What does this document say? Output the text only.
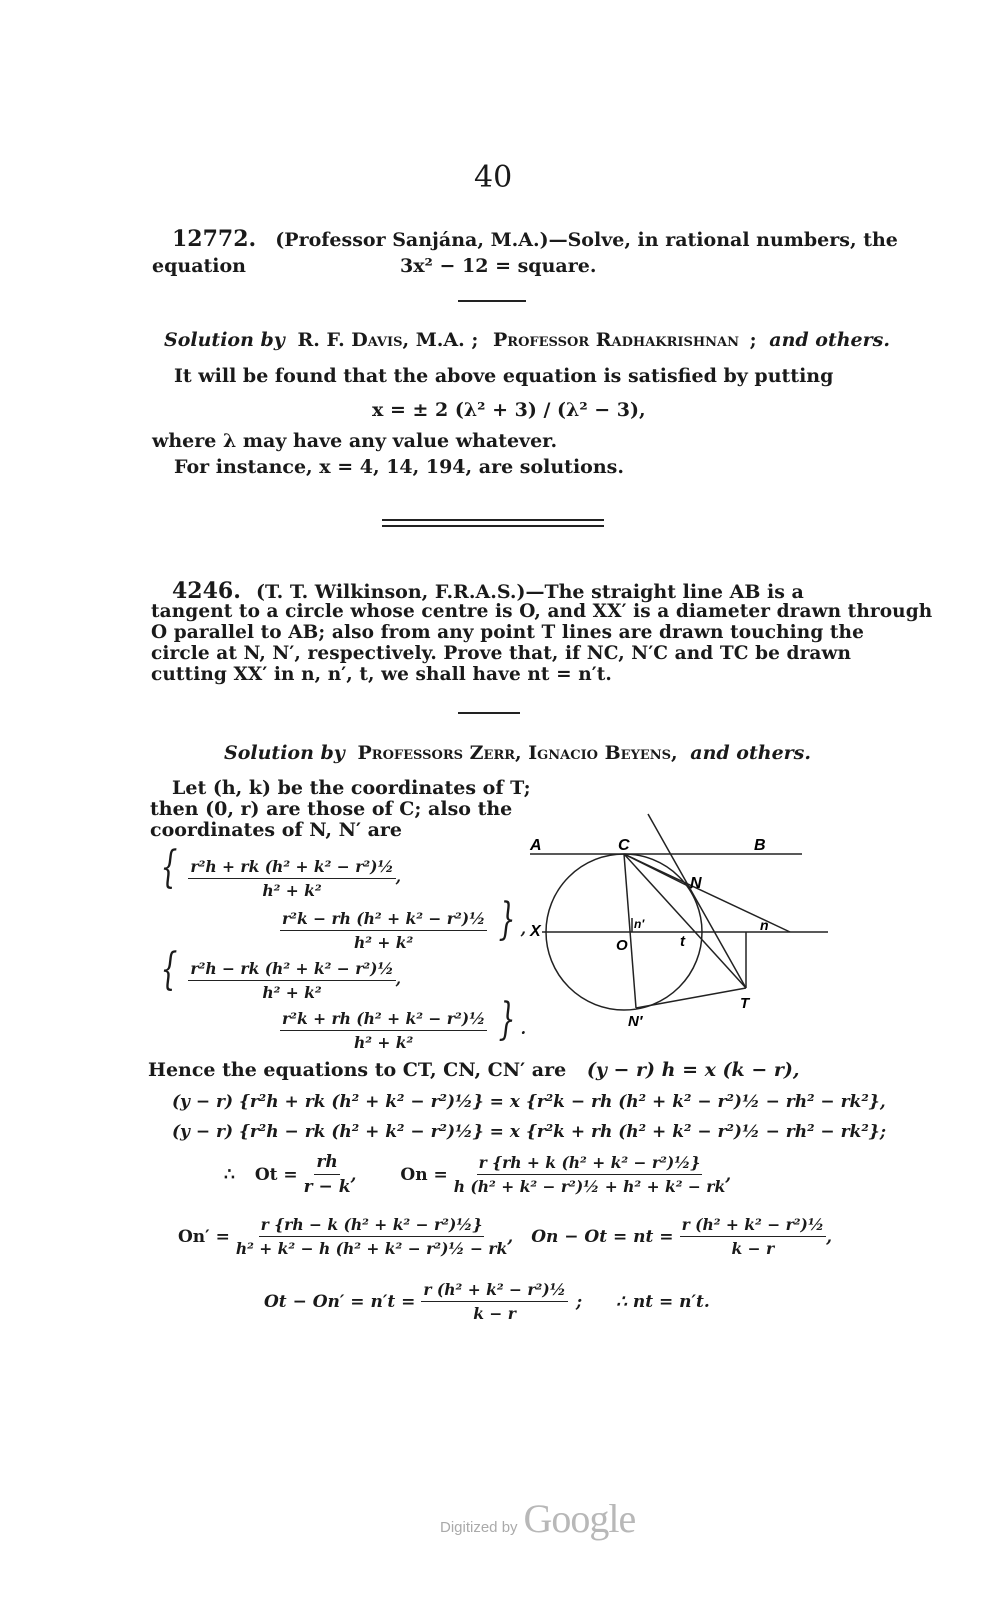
40
12772. (Professor Sanjána, M.A.)—Solve, in rational numbers, the
equation	3x² − 12 = square.
Solution by R. F. Davis, M.A. ; Professor Radhakrishnan ; and others.
It will be found that the above equation is satisfied by putting
x = ± 2 (λ² + 3) / (λ² − 3),
where λ may have any value whatever.
For instance, x = 4, 14, 194, are solutions.
4246. (T. T. Wilkinson, F.R.A.S.)—The straight line AB is a
tangent to a circle whose centre is O, and XX′ is a diameter drawn through
O parallel to AB; also from any point T lines are drawn touching the
circle at N, N′, respectively. Prove that, if NC, N′C and TC be drawn
cutting XX′ in n, n′, t, we shall have nt = n′t.
Solution by Professors Zerr, Ignacio Beyens, and others.
Let (h, k) be the coordinates of T;
then (0, r) are those of C; also the
coordinates of N, N′ are
{ $\frac{\text{r²h + rk (h² + k² − r²)½}}{\text{h² + k²}}$ ,
$\frac{\text{r²k − rh (h² + k² − r²)½}}{\text{h² + k²}}$ } ,
{ $\frac{\text{r²h − rk (h² + k² − r²)½}}{\text{h² + k²}}$ ,
$\frac{\text{r²k + rh (h² + k² − r²)½}}{\text{h² + k²}}$ } .
A	C	B
N
X
O
n′
t
n
T
N′
Hence the equations to CT, CN, CN′ are (y − r) h = x (k − r),
(y − r) {r²h + rk (h² + k² − r²)½} = x {r²k − rh (h² + k² − r²)½ − rh² − rk²},
(y − r) {r²h − rk (h² + k² − r²)½} = x {r²k + rh (h² + k² − r²)½ − rh² − rk²};
∴ $Ot = \frac{rh}{r - k}$ ,	$On = \frac{\text{r \{rh + k (h² + k² − r²)½\}}}{\text{h (h² + k² − r²)½ + h² + k² − rk}}$ ,
$On' = \frac{\text{r \{rh − k (h² + k² − r²)½\}}}{\text{h² + k² − h (h² + k² − r²)½ − rk}}$ , On − Ot = nt = $\frac{\text{r (h² + k² − r²)½}}{k - r}$ ,
$Ot - On' = n't = \frac{\text{r (h² + k² − r²)½}}{k - r}$ ; ∴ nt = n′t.
Digitized by Google
